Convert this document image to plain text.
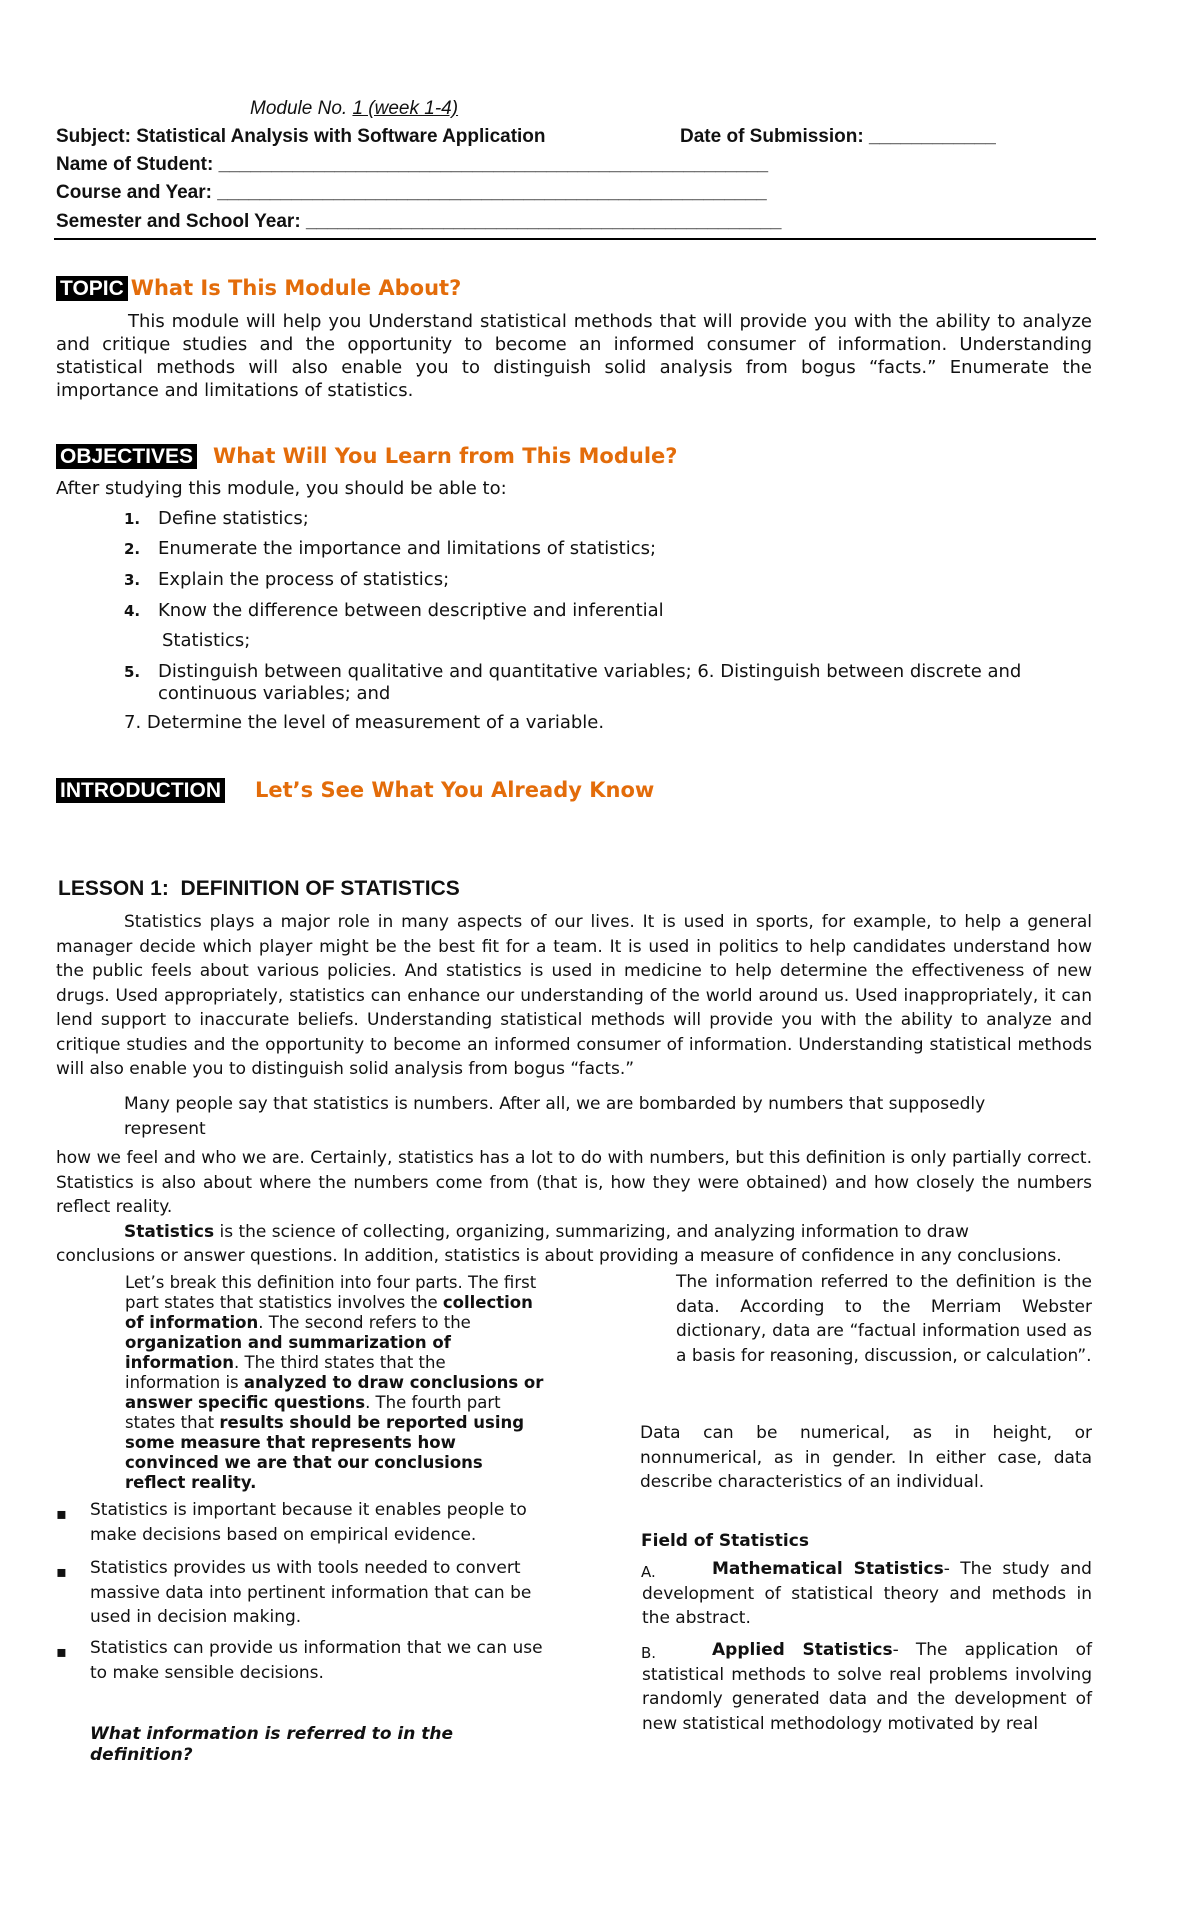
Module No. 1 (week 1-4)
Subject: Statistical Analysis with Software Application	Date of Submission: ____________
Name of Student: ____________________________________________________
Course and Year: ____________________________________________________
Semester and School Year: _____________________________________________
TOPIC What Is This Module About?
This module will help you Understand statistical methods that will provide you with the ability to analyze and critique studies and the opportunity to become an informed consumer of information. Understanding statistical methods will also enable you to distinguish solid analysis from bogus “facts.” Enumerate the importance and limitations of statistics.
OBJECTIVES What Will You Learn from This Module?
After studying this module, you should be able to:
1. Define statistics;
2. Enumerate the importance and limitations of statistics;
3. Explain the process of statistics;
4. Know the difference between descriptive and inferential
Statistics;
5. Distinguish between qualitative and quantitative variables; 6. Distinguish between discrete and
continuous variables; and
7. Determine the level of measurement of a variable.
INTRODUCTION Let’s See What You Already Know
LESSON 1:  DEFINITION OF STATISTICS
Statistics plays a major role in many aspects of our lives. It is used in sports, for example, to help a general manager decide which player might be the best fit for a team. It is used in politics to help candidates understand how the public feels about various policies. And statistics is used in medicine to help determine the effectiveness of new drugs. Used appropriately, statistics can enhance our understanding of the world around us. Used inappropriately, it can lend support to inaccurate beliefs. Understanding statistical methods will provide you with the ability to analyze and critique studies and the opportunity to become an informed consumer of information. Understanding statistical methods will also enable you to distinguish solid analysis from bogus “facts.”
Many people say that statistics is numbers. After all, we are bombarded by numbers that supposedly
represent
how we feel and who we are. Certainly, statistics has a lot to do with numbers, but this definition is only partially correct. Statistics is also about where the numbers come from (that is, how they were obtained) and how closely the numbers reflect reality.
Statistics is the science of collecting, organizing, summarizing, and analyzing information to draw
conclusions or answer questions. In addition, statistics is about providing a measure of confidence in any conclusions.
Let’s break this definition into four parts. The first part states that statistics involves the collection of information. The second refers to the organization and summarization of information. The third states that the information is analyzed to draw conclusions or answer specific questions. The fourth part states that results should be reported using some measure that represents how convinced we are that our conclusions reflect reality.
▪ Statistics is important because it enables people to make decisions based on empirical evidence.
▪ Statistics provides us with tools needed to convert massive data into pertinent information that can be used in decision making.
▪ Statistics can provide us information that we can use to make sensible decisions.
What information is referred to in the definition?
The information referred to the definition is the data. According to the Merriam Webster dictionary, data are “factual information used as a basis for reasoning, discussion, or calculation”.
Data can be numerical, as in height, or nonnumerical, as in gender. In either case, data describe characteristics of an individual.
Field of Statistics
A.	Mathematical Statistics- The study and development of statistical theory and methods in the abstract.
B.	Applied Statistics- The application of statistical methods to solve real problems involving randomly generated data and the development of new statistical methodology motivated by real
